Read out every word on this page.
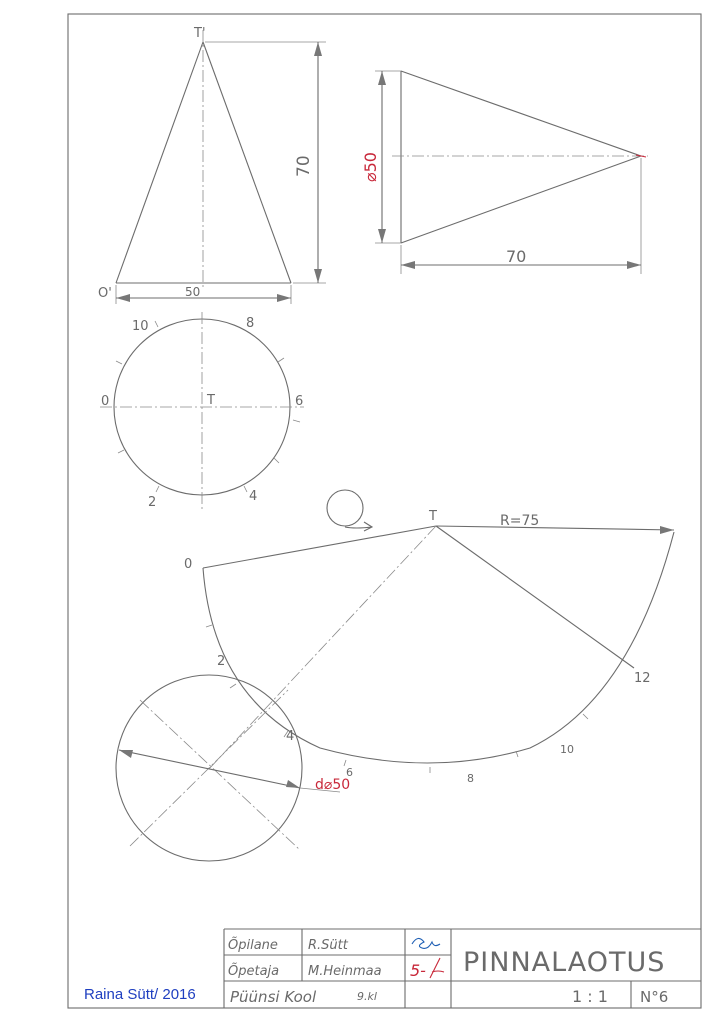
T'
O'
70
50
⌀50
70
T
10	8
0	6
2	4
T	R=75
0
2
4
6	8
10
12
d⌀50
Õpilane R.Sütt
Õpetaja M.Heinmaa
Püünsi Kool	9.kl
5- PINNALAOTUS
1 : 1 N°6
Raina Sütt/ 2016
